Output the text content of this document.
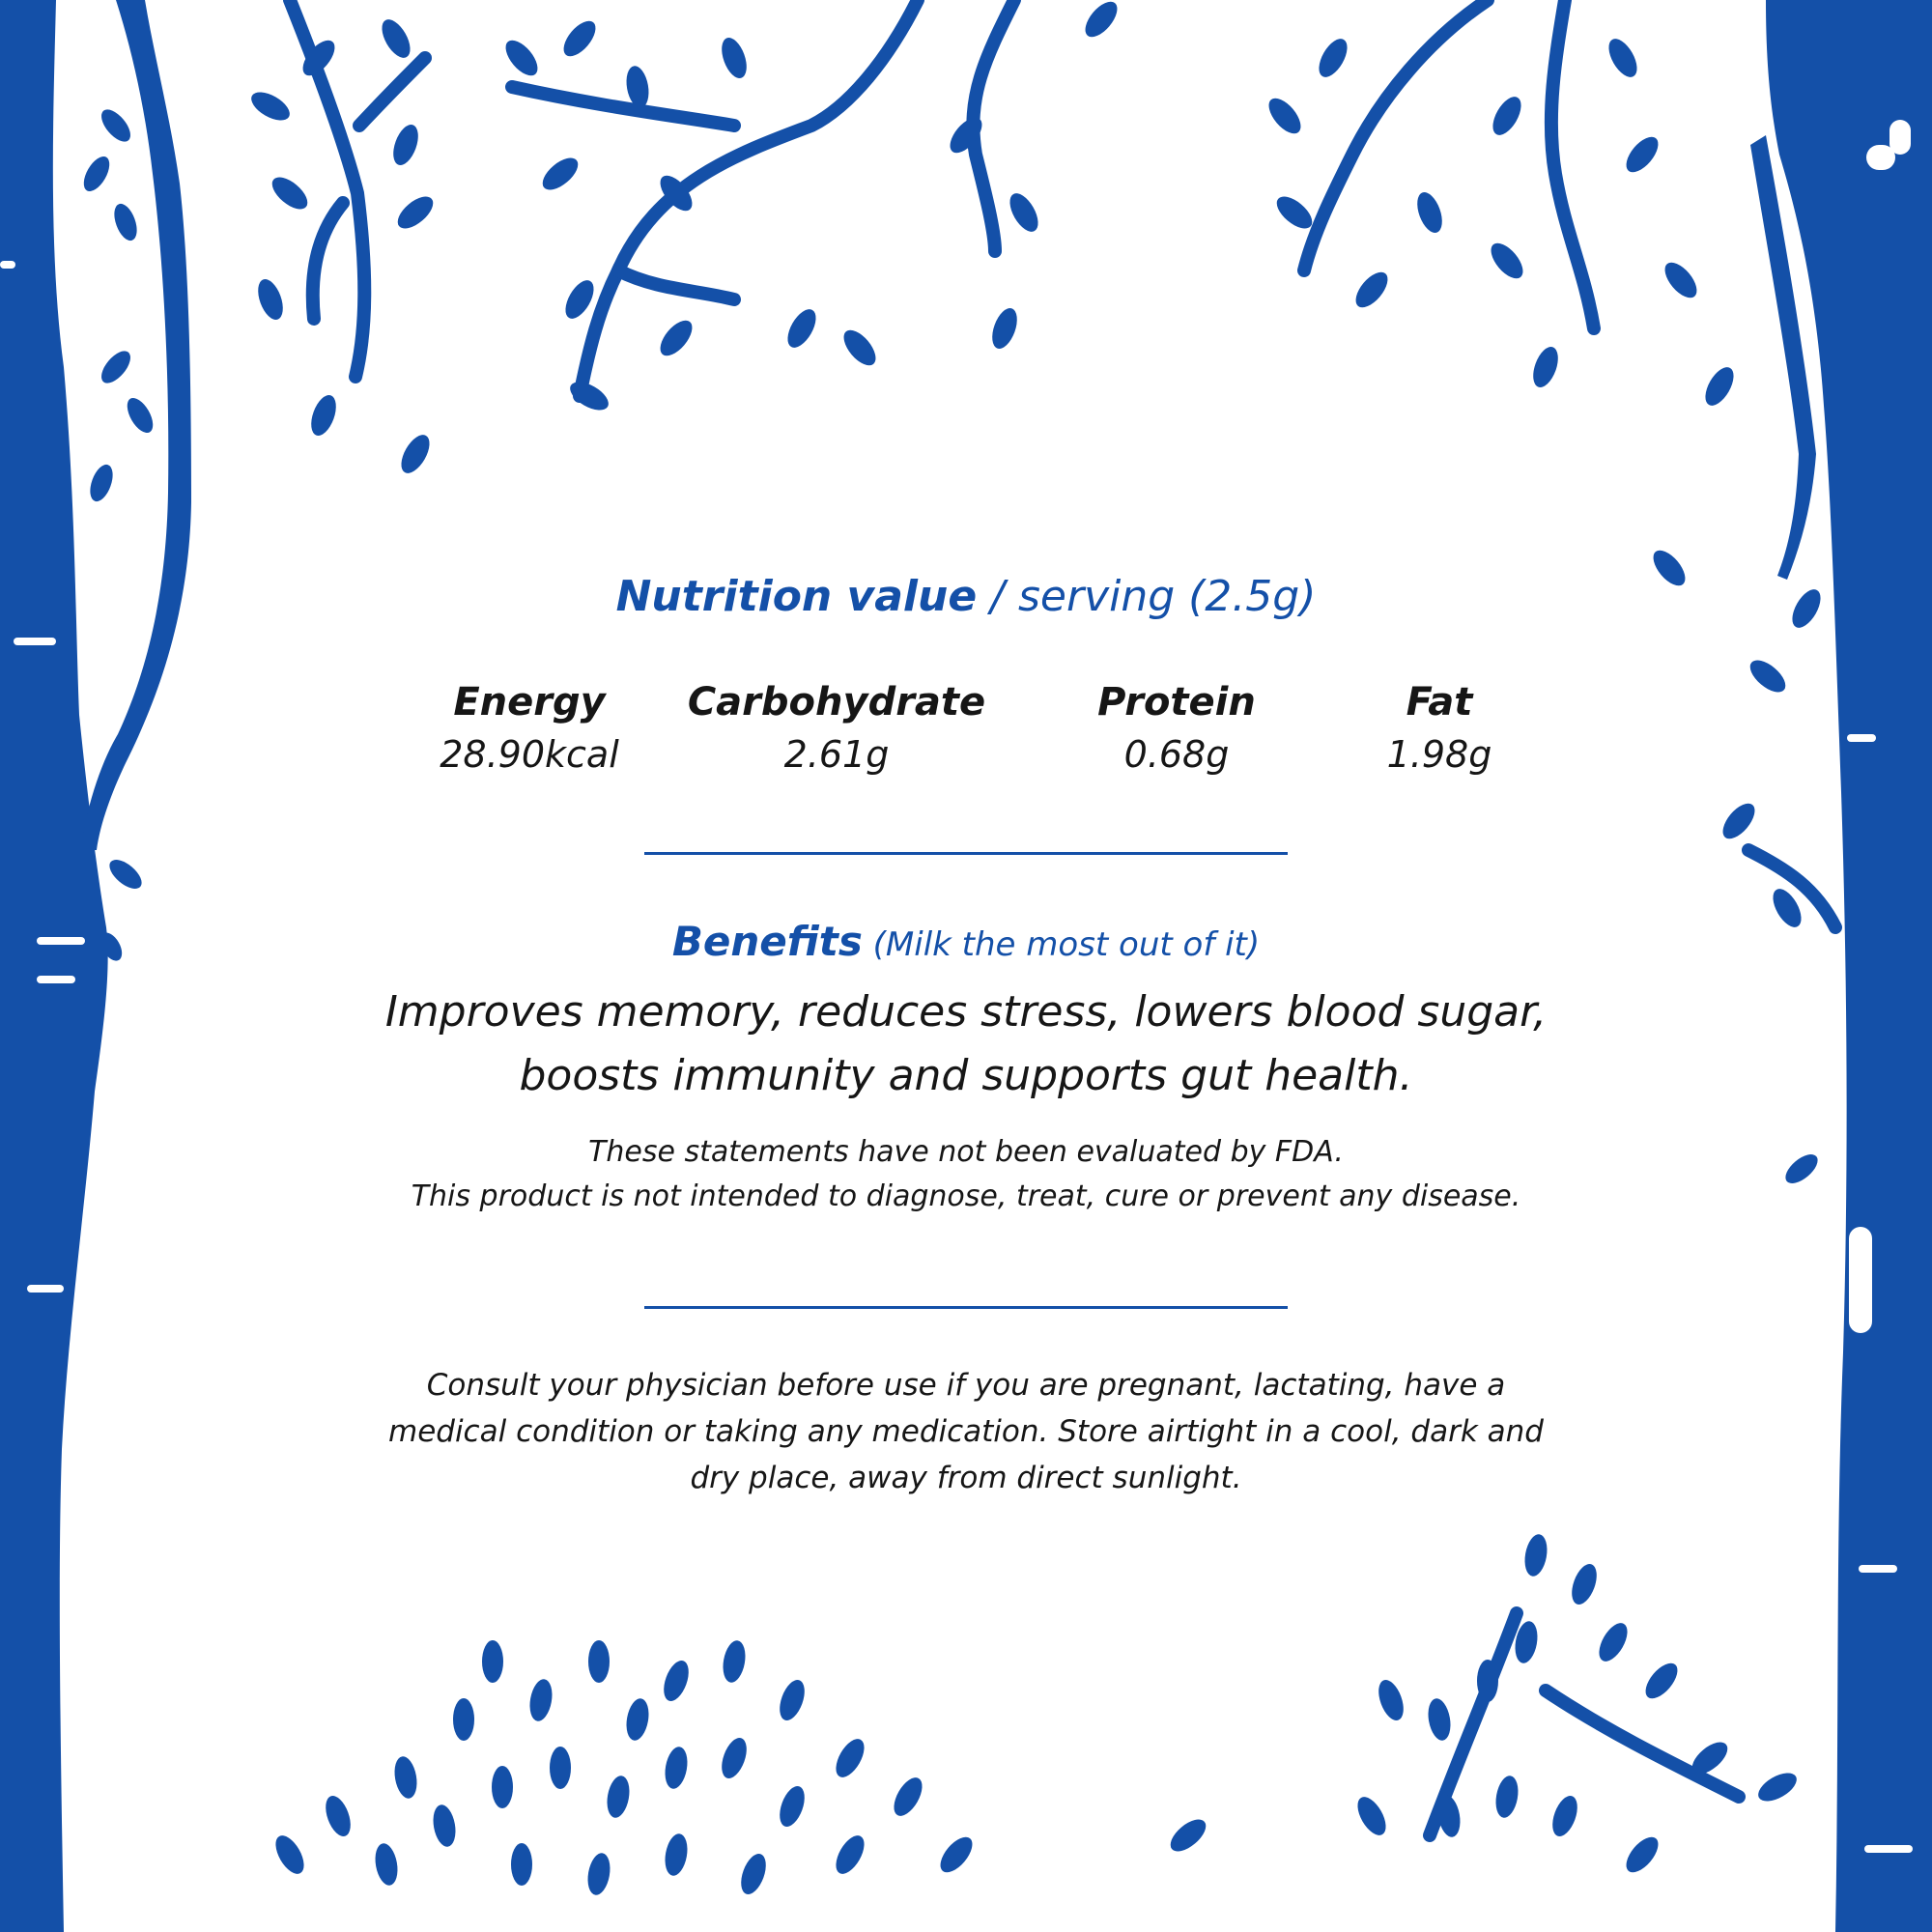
Nutrition value / serving (2.5g)
Energy
28.90kcal
Carbohydrate
2.61g
Protein
0.68g
Fat
1.98g
Benefits (Milk the most out of it)
Improves memory, reduces stress, lowers blood sugar,
boosts immunity and supports gut health.
These statements have not been evaluated by FDA.
This product is not intended to diagnose, treat, cure or prevent any disease.
Consult your physician before use if you are pregnant, lactating, have a
medical condition or taking any medication. Store airtight in a cool, dark and
dry place, away from direct sunlight.
